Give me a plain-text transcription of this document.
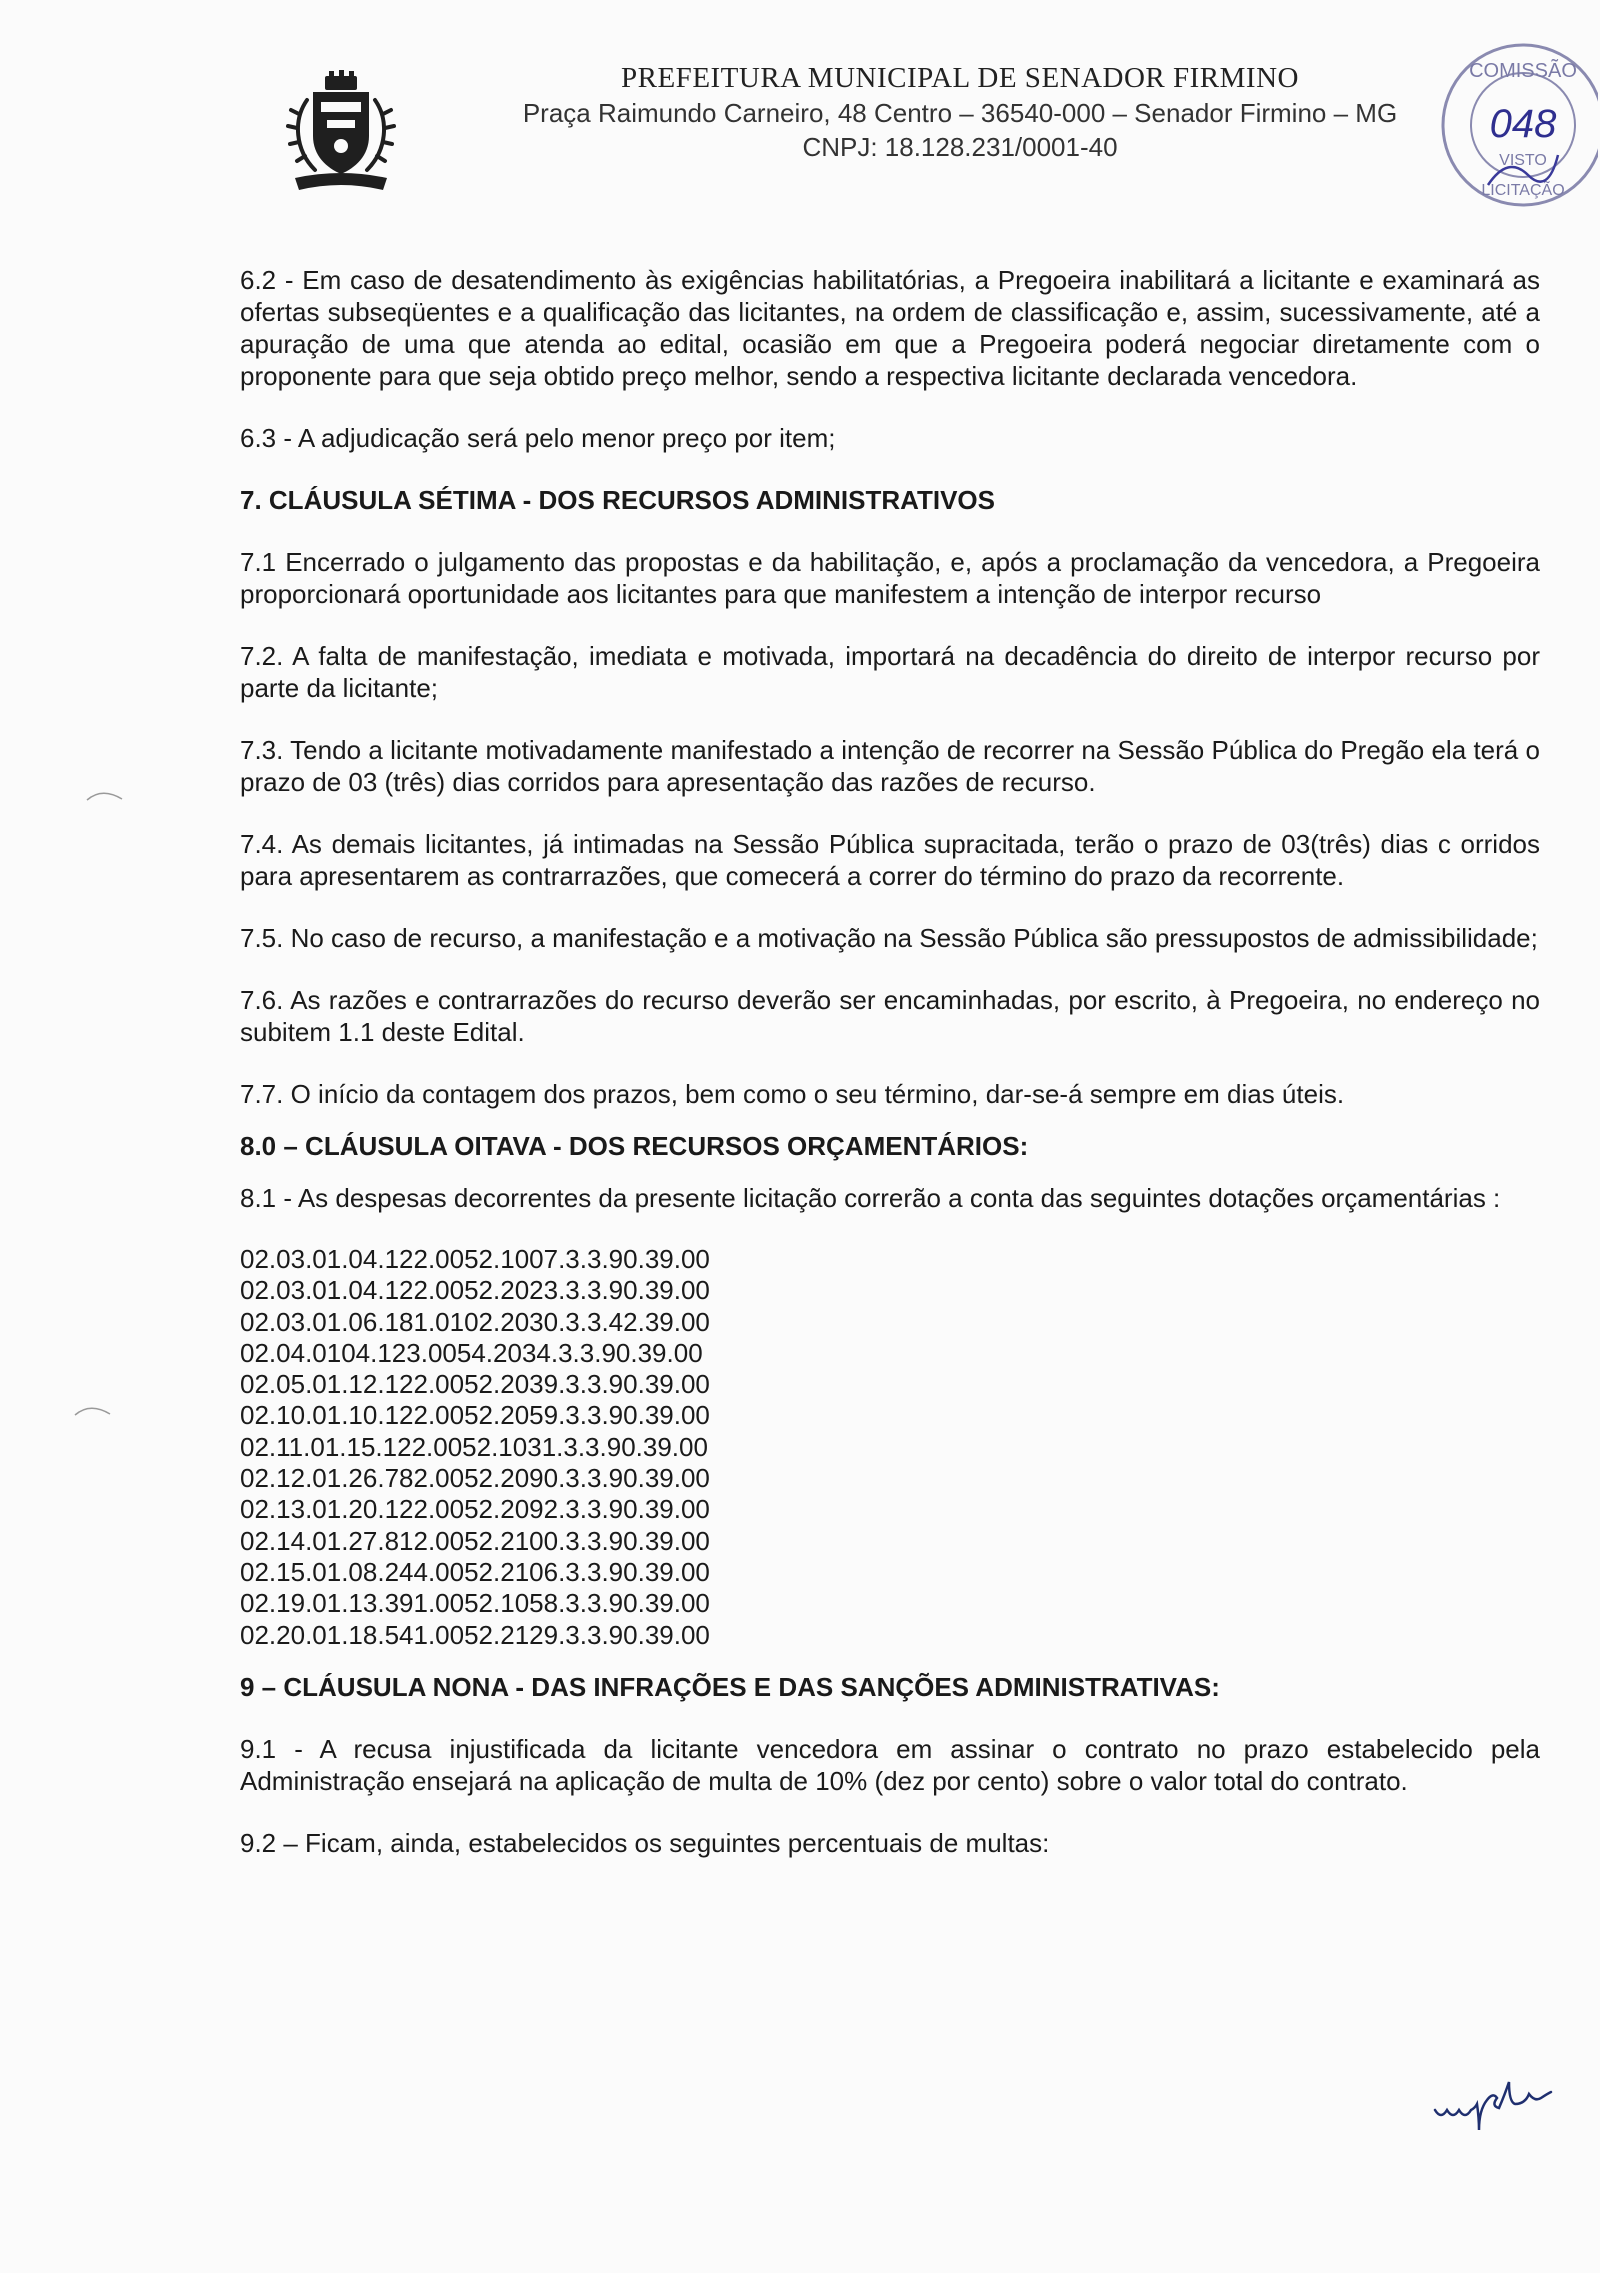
PREFEITURA MUNICIPAL DE SENADOR FIRMINO
Praça Raimundo Carneiro, 48 Centro – 36540-000 – Senador Firmino – MG
CNPJ: 18.128.231/0001-40
COMISSÃO
048
VISTO
LICITAÇÃO

6.2 - Em caso de desatendimento às exigências habilitatórias, a Pregoeira inabilitará a licitante e examinará as ofertas subseqüentes e a qualificação das licitantes, na ordem de classificação e, assim, sucessivamente, até a apuração de uma que atenda ao edital, ocasião em que a Pregoeira poderá negociar diretamente com o proponente para que seja obtido preço melhor, sendo a respectiva licitante declarada vencedora.

6.3 - A adjudicação será pelo menor preço por item;

7. CLÁUSULA SÉTIMA - DOS RECURSOS ADMINISTRATIVOS

7.1 Encerrado o julgamento das propostas e da habilitação, e, após a proclamação da vencedora, a Pregoeira proporcionará oportunidade aos licitantes para que manifestem a intenção de interpor recurso

7.2. A falta de manifestação, imediata e motivada, importará na decadência do direito de interpor recurso por parte da licitante;

7.3. Tendo a licitante motivadamente manifestado a intenção de recorrer na Sessão Pública do Pregão ela terá o prazo de 03 (três) dias corridos para apresentação das razões de recurso.

7.4. As demais licitantes, já intimadas na Sessão Pública supracitada, terão o prazo de 03(três) dias c orridos para apresentarem as contrarrazões, que comecerá a correr do término do prazo da recorrente.

7.5. No caso de recurso, a manifestação e a motivação na Sessão Pública são pressupostos de admissibilidade;

7.6. As razões e contrarrazões do recurso deverão ser encaminhadas, por escrito, à Pregoeira, no endereço no subitem 1.1 deste Edital.

7.7. O início da contagem dos prazos, bem como o seu término, dar-se-á sempre em dias úteis.

8.0 – CLÁUSULA OITAVA - DOS RECURSOS ORÇAMENTÁRIOS:

8.1 - As despesas decorrentes da presente licitação correrão a conta das seguintes dotações orçamentárias :

02.03.01.04.122.0052.1007.3.3.90.39.00
02.03.01.04.122.0052.2023.3.3.90.39.00
02.03.01.06.181.0102.2030.3.3.42.39.00
02.04.0104.123.0054.2034.3.3.90.39.00
02.05.01.12.122.0052.2039.3.3.90.39.00
02.10.01.10.122.0052.2059.3.3.90.39.00
02.11.01.15.122.0052.1031.3.3.90.39.00
02.12.01.26.782.0052.2090.3.3.90.39.00
02.13.01.20.122.0052.2092.3.3.90.39.00
02.14.01.27.812.0052.2100.3.3.90.39.00
02.15.01.08.244.0052.2106.3.3.90.39.00
02.19.01.13.391.0052.1058.3.3.90.39.00
02.20.01.18.541.0052.2129.3.3.90.39.00

9 – CLÁUSULA NONA - DAS INFRAÇÕES E DAS SANÇÕES ADMINISTRATIVAS:

9.1 - A recusa injustificada da licitante vencedora em assinar o contrato no prazo estabelecido pela Administração ensejará na aplicação de multa de 10% (dez por cento) sobre o valor total do contrato.

9.2 – Ficam, ainda, estabelecidos os seguintes percentuais de multas:
